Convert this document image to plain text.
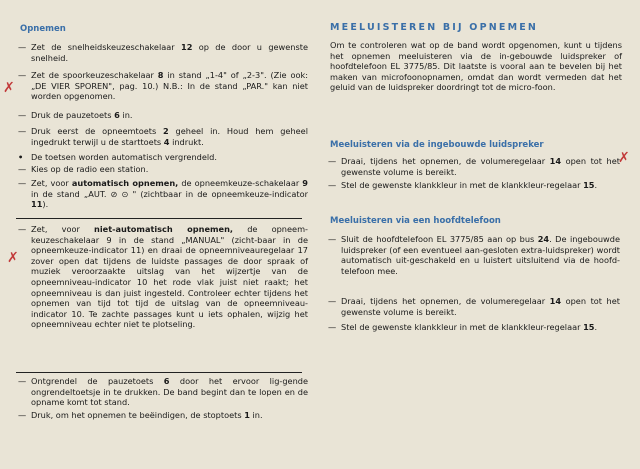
Opnemen
— Zet de snelheidskeuzeschakelaar 12 op de door u gewenste snelheid.
— Zet de spoorkeuzeschakelaar 8 in stand „1-4" of „2-3". (Zie ook: „DE VIER SPOREN", pag. 10.) N.B.: In de stand „PAR." kan niet worden opgenomen.
— Druk de pauzetoets 6 in.
— Druk eerst de opneemtoets 2 geheel in. Houd hem geheel ingedrukt terwijl u de starttoets 4 indrukt.
• De toetsen worden automatisch vergrendeld.
— Kies op de radio een station.
— Zet, voor automatisch opnemen, de opneemkeuze-schakelaar 9 in de stand „AUT. ⊘ ⊙ " (zichtbaar in de opneemkeuze-indicator 11).
— Zet, voor niet-automatisch opnemen, de opneem-keuzeschakelaar 9 in de stand „MANUAL" (zicht-baar in de opneemkeuze-indicator 11) en draai de opneemniveauregelaar 17 zover open dat tijdens de luidste passages de door spraak of muziek veroorzaakte uitslag van het wijzertje van de opneemniveau-indicator 10 het rode vlak juist niet raakt; het opneemniveau is dan juist ingesteld. Controleer echter tijdens het opnemen van tijd tot tijd de uitslag van de opneemniveau-indicator 10. Te zachte passages kunt u iets ophalen, wijzig het opneemniveau echter niet te plotseling.
— Ontgrendel de pauzetoets 6 door het ervoor lig-gende ongrendeltoetsje in te drukken. De band begint dan te lopen en de opname komt tot stand.
— Druk, om het opnemen te beëindigen, de stoptoets 1 in.
✗
✗
MEELUISTEREN BIJ OPNEMEN
Om te controleren wat op de band wordt opgenomen, kunt u tijdens het opnemen meeluisteren via de in-gebouwde luidspreker of hoofdtelefoon EL 3775/85. Dit laatste is vooral aan te bevelen bij het maken van microfoonopnamen, omdat dan wordt vermeden dat het geluid van de luidspreker doordringt tot de micro-foon.
Meeluisteren via de ingebouwde luidspreker
— Draai, tijdens het opnemen, de volumeregelaar 14 open tot het gewenste volume is bereikt.
— Stel de gewenste klankkleur in met de klankkleur-regelaar 15.
Meeluisteren via een hoofdtelefoon
— Sluit de hoofdtelefoon EL 3775/85 aan op bus 24. De ingebouwde luidspreker (of een eventueel aan-gesloten extra-luidspreker) wordt automatisch uit-geschakeld en u luistert uitsluitend via de hoofd-telefoon mee.
— Draai, tijdens het opnemen, de volumeregelaar 14 open tot het gewenste volume is bereikt.
— Stel de gewenste klankkleur in met de klankkleur-regelaar 15.
✗
